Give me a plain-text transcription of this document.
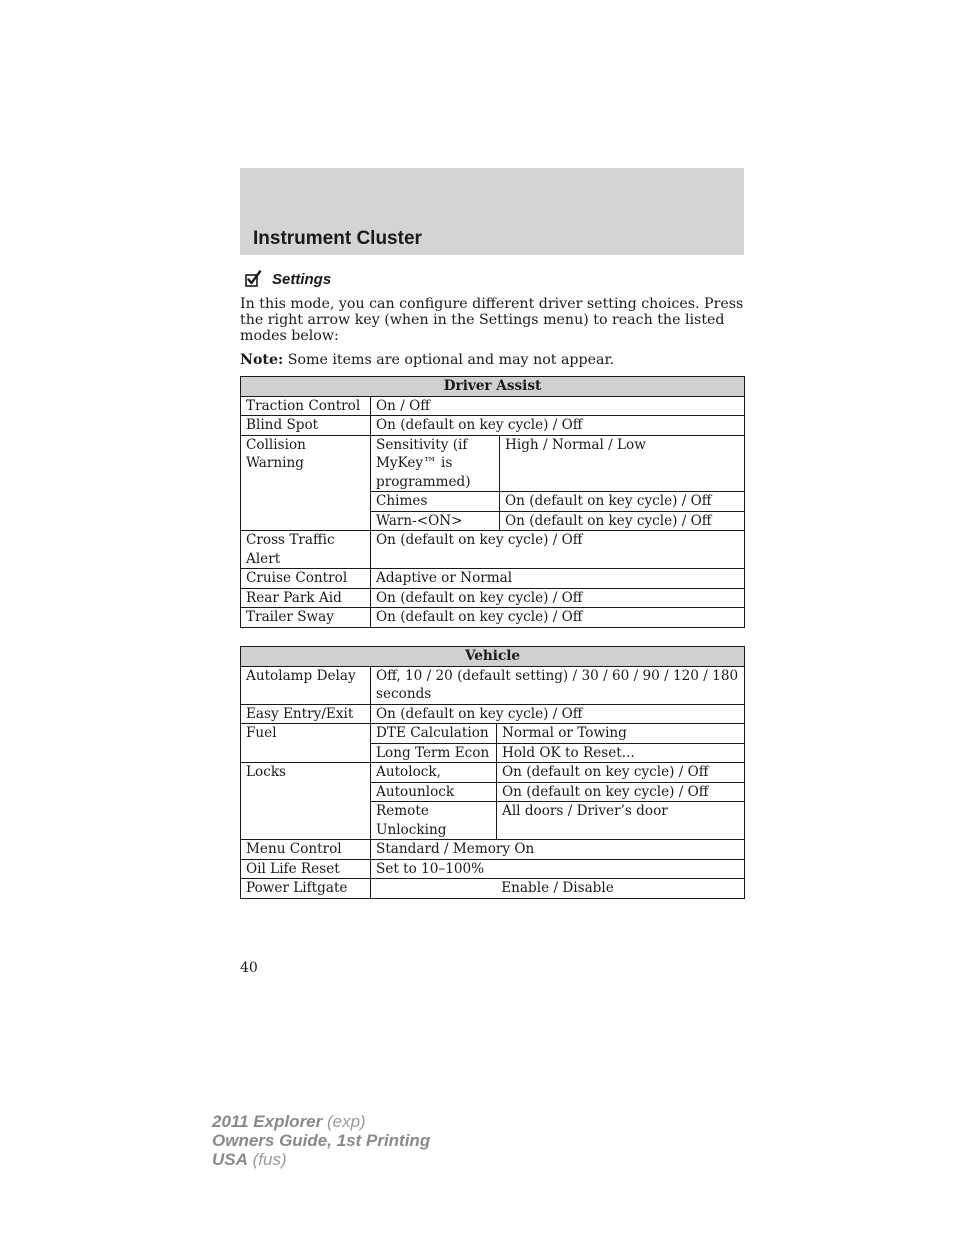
Instrument Cluster
Settings

In this mode, you can configure different driver setting choices. Press the right arrow key (when in the Settings menu) to reach the listed modes below:

Note: Some items are optional and may not appear.

Driver Assist		
Traction Control	On / Off	
Blind Spot	On (default on key cycle) / Off	
Collision Warning	Sensitivity (if MyKey™ is programmed)	High / Normal / Low
	Chimes	On (default on key cycle) / Off
	Warn-<ON>	On (default on key cycle) / Off
Cross Traffic Alert	On (default on key cycle) / Off	
Cruise Control	Adaptive or Normal	
Rear Park Aid	On (default on key cycle) / Off	
Trailer Sway	On (default on key cycle) / Off	
Vehicle		
Autolamp Delay	Off, 10 / 20 (default setting) / 30 / 60 / 90 / 120 / 180 seconds	
Easy Entry/Exit	On (default on key cycle) / Off	
Fuel	DTE Calculation	Normal or Towing
	Long Term Econ	Hold OK to Reset...
Locks	Autolock,	On (default on key cycle) / Off
	Autounlock	On (default on key cycle) / Off
	Remote Unlocking	All doors / Driver’s door
Menu Control	Standard / Memory On	
Oil Life Reset	Set to 10–100%	
Power Liftgate	Enable / Disable	
40
2011 Explorer (exp)
Owners Guide, 1st Printing
USA (fus)
